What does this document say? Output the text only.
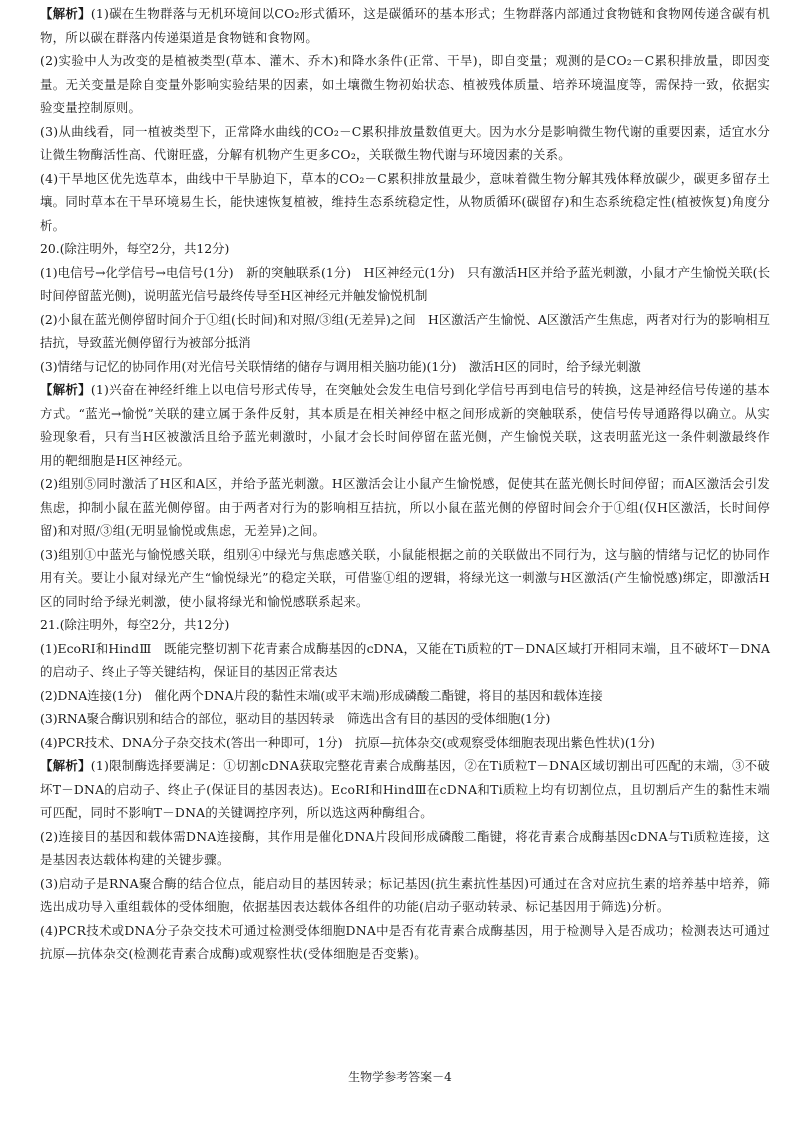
【解析】(1)碳在生物群落与无机环境间以CO₂形式循环，这是碳循环的基本形式；生物群落内部通过食物链和食物网传递含碳有机物，所以碳在群落内传递渠道是食物链和食物网。

(2)实验中人为改变的是植被类型(草本、灌木、乔木)和降水条件(正常、干旱)，即自变量；观测的是CO₂－C累积排放量，即因变量。无关变量是除自变量外影响实验结果的因素，如土壤微生物初始状态、植被残体质量、培养环境温度等，需保持一致，依据实验变量控制原则。

(3)从曲线看，同一植被类型下，正常降水曲线的CO₂－C累积排放量数值更大。因为水分是影响微生物代谢的重要因素，适宜水分让微生物酶活性高、代谢旺盛，分解有机物产生更多CO₂，关联微生物代谢与环境因素的关系。

(4)干旱地区优先选草本，曲线中干旱胁迫下，草本的CO₂－C累积排放量最少，意味着微生物分解其残体释放碳少，碳更多留存土壤。同时草本在干旱环境易生长，能快速恢复植被，维持生态系统稳定性，从物质循环(碳留存)和生态系统稳定性(植被恢复)角度分析。

20.(除注明外，每空2分，共12分)

(1)电信号→化学信号→电信号(1分)　新的突触联系(1分)　H区神经元(1分)　只有激活H区并给予蓝光刺激，小鼠才产生愉悦关联(长时间停留蓝光侧)，说明蓝光信号最终传导至H区神经元并触发愉悦机制

(2)小鼠在蓝光侧停留时间介于①组(长时间)和对照/③组(无差异)之间　H区激活产生愉悦、A区激活产生焦虑，两者对行为的影响相互拮抗，导致蓝光侧停留行为被部分抵消

(3)情绪与记忆的协同作用(对光信号关联情绪的储存与调用相关脑功能)(1分)　激活H区的同时，给予绿光刺激

【解析】(1)兴奋在神经纤维上以电信号形式传导，在突触处会发生电信号到化学信号再到电信号的转换，这是神经信号传递的基本方式。“蓝光→愉悦”关联的建立属于条件反射，其本质是在相关神经中枢之间形成新的突触联系，使信号传导通路得以确立。从实验现象看，只有当H区被激活且给予蓝光刺激时，小鼠才会长时间停留在蓝光侧，产生愉悦关联，这表明蓝光这一条件刺激最终作用的靶细胞是H区神经元。

(2)组别⑤同时激活了H区和A区，并给予蓝光刺激。H区激活会让小鼠产生愉悦感，促使其在蓝光侧长时间停留；而A区激活会引发焦虑，抑制小鼠在蓝光侧停留。由于两者对行为的影响相互拮抗，所以小鼠在蓝光侧的停留时间会介于①组(仅H区激活，长时间停留)和对照/③组(无明显愉悦或焦虑，无差异)之间。

(3)组别①中蓝光与愉悦感关联，组别④中绿光与焦虑感关联，小鼠能根据之前的关联做出不同行为，这与脑的情绪与记忆的协同作用有关。要让小鼠对绿光产生“愉悦绿光”的稳定关联，可借鉴①组的逻辑，将绿光这一刺激与H区激活(产生愉悦感)绑定，即激活H区的同时给予绿光刺激，使小鼠将绿光和愉悦感联系起来。

21.(除注明外，每空2分，共12分)

(1)EcoRⅠ和HindⅢ　既能完整切割下花青素合成酶基因的cDNA，又能在Ti质粒的T－DNA区域打开相同末端，且不破坏T－DNA的启动子、终止子等关键结构，保证目的基因正常表达

(2)DNA连接(1分)　催化两个DNA片段的黏性末端(或平末端)形成磷酸二酯键，将目的基因和载体连接

(3)RNA聚合酶识别和结合的部位，驱动目的基因转录　筛选出含有目的基因的受体细胞(1分)

(4)PCR技术、DNA分子杂交技术(答出一种即可，1分)　抗原—抗体杂交(或观察受体细胞表现出紫色性状)(1分)

【解析】(1)限制酶选择要满足：①切割cDNA获取完整花青素合成酶基因，②在Ti质粒T－DNA区域切割出可匹配的末端，③不破坏T－DNA的启动子、终止子(保证目的基因表达)。EcoRⅠ和HindⅢ在cDNA和Ti质粒上均有切割位点，且切割后产生的黏性末端可匹配，同时不影响T－DNA的关键调控序列，所以选这两种酶组合。

(2)连接目的基因和载体需DNA连接酶，其作用是催化DNA片段间形成磷酸二酯键，将花青素合成酶基因cDNA与Ti质粒连接，这是基因表达载体构建的关键步骤。

(3)启动子是RNA聚合酶的结合位点，能启动目的基因转录；标记基因(抗生素抗性基因)可通过在含对应抗生素的培养基中培养，筛选出成功导入重组载体的受体细胞，依据基因表达载体各组件的功能(启动子驱动转录、标记基因用于筛选)分析。

(4)PCR技术或DNA分子杂交技术可通过检测受体细胞DNA中是否有花青素合成酶基因，用于检测导入是否成功；检测表达可通过抗原—抗体杂交(检测花青素合成酶)或观察性状(受体细胞是否变紫)。

生物学参考答案－4
